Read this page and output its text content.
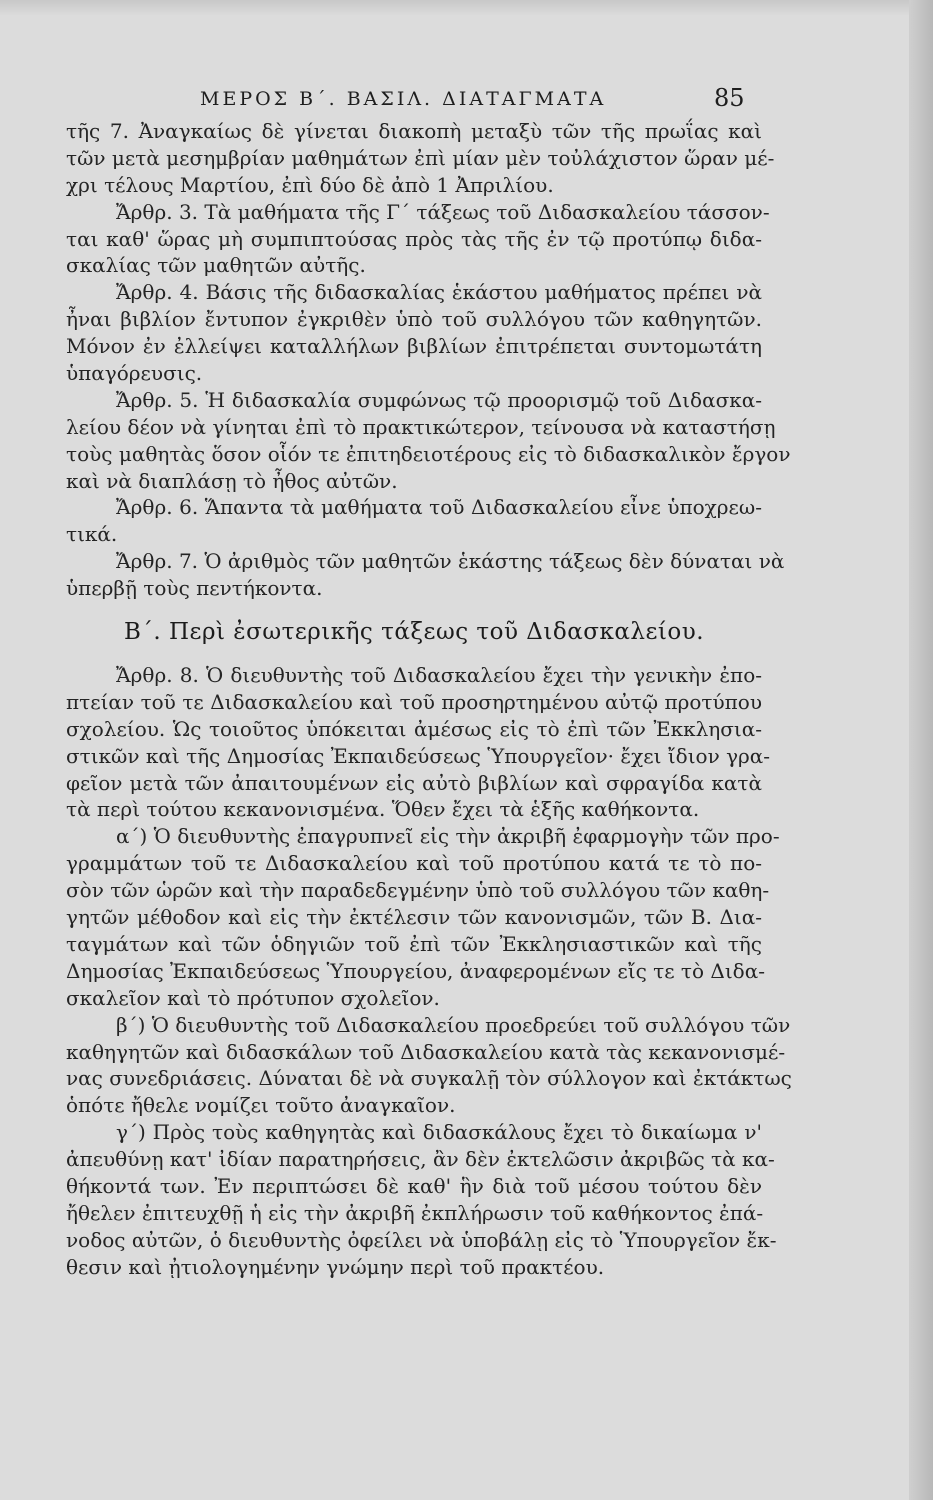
ΜΕΡΟΣ Β΄. ΒΑΣΙΛ. ΔΙΑΤΑΓΜΑΤΑ	85
τῆς 7. Ἀναγκαίως δὲ γίνεται διακοπὴ μεταξὺ τῶν τῆς πρωΐας καὶ
τῶν μετὰ μεσημβρίαν μαθημάτων ἐπὶ μίαν μὲν τοὐλάχιστον ὥραν μέ-
χρι τέλους Μαρτίου, ἐπὶ δύο δὲ ἀπὸ 1 Ἀπριλίου.
Ἄρθρ. 3. Τὰ μαθήματα τῆς Γ΄ τάξεως τοῦ Διδασκαλείου τάσσον-
ται καθ' ὥρας μὴ συμπιπτούσας πρὸς τὰς τῆς ἐν τῷ προτύπῳ διδα-
σκαλίας τῶν μαθητῶν αὐτῆς.
Ἄρθρ. 4. Βάσις τῆς διδασκαλίας ἑκάστου μαθήματος πρέπει νὰ
ἦναι βιβλίον ἔντυπον ἐγκριθὲν ὑπὸ τοῦ συλλόγου τῶν καθηγητῶν.
Μόνον ἐν ἐλλείψει καταλλήλων βιβλίων ἐπιτρέπεται συντομωτάτη
ὑπαγόρευσις.
Ἄρθρ. 5. Ἡ διδασκαλία συμφώνως τῷ προορισμῷ τοῦ Διδασκα-
λείου δέον νὰ γίνηται ἐπὶ τὸ πρακτικώτερον, τείνουσα νὰ καταστήσῃ
τοὺς μαθητὰς ὅσον οἷόν τε ἐπιτηδειοτέρους εἰς τὸ διδασκαλικὸν ἔργον
καὶ νὰ διαπλάσῃ τὸ ἦθος αὐτῶν.
Ἄρθρ. 6. Ἅπαντα τὰ μαθήματα τοῦ Διδασκαλείου εἶνε ὑποχρεω-
τικά.
Ἄρθρ. 7. Ὁ ἀριθμὸς τῶν μαθητῶν ἑκάστης τάξεως δὲν δύναται νὰ
ὑπερβῇ τοὺς πεντήκοντα.
Β΄. Περὶ ἐσωτερικῆς τάξεως τοῦ Διδασκαλείου.
Ἄρθρ. 8. Ὁ διευθυντὴς τοῦ Διδασκαλείου ἔχει τὴν γενικὴν ἐπο-
πτείαν τοῦ τε Διδασκαλείου καὶ τοῦ προσηρτημένου αὐτῷ προτύπου
σχολείου. Ὡς τοιοῦτος ὑπόκειται ἀμέσως εἰς τὸ ἐπὶ τῶν Ἐκκλησια-
στικῶν καὶ τῆς Δημοσίας Ἐκπαιδεύσεως Ὑπουργεῖον· ἔχει ἴδιον γρα-
φεῖον μετὰ τῶν ἀπαιτουμένων εἰς αὐτὸ βιβλίων καὶ σφραγίδα κατὰ
τὰ περὶ τούτου κεκανονισμένα. Ὅθεν ἔχει τὰ ἑξῆς καθήκοντα.
α΄) Ὁ διευθυντὴς ἐπαγρυπνεῖ εἰς τὴν ἀκριβῆ ἐφαρμογὴν τῶν προ-
γραμμάτων τοῦ τε Διδασκαλείου καὶ τοῦ προτύπου κατά τε τὸ πο-
σὸν τῶν ὡρῶν καὶ τὴν παραδεδεγμένην ὑπὸ τοῦ συλλόγου τῶν καθη-
γητῶν μέθοδον καὶ εἰς τὴν ἐκτέλεσιν τῶν κανονισμῶν, τῶν Β. Δια-
ταγμάτων καὶ τῶν ὁδηγιῶν τοῦ ἐπὶ τῶν Ἐκκλησιαστικῶν καὶ τῆς
Δημοσίας Ἐκπαιδεύσεως Ὑπουργείου, ἀναφερομένων εἴς τε τὸ Διδα-
σκαλεῖον καὶ τὸ πρότυπον σχολεῖον.
β΄) Ὁ διευθυντὴς τοῦ Διδασκαλείου προεδρεύει τοῦ συλλόγου τῶν
καθηγητῶν καὶ διδασκάλων τοῦ Διδασκαλείου κατὰ τὰς κεκανονισμέ-
νας συνεδριάσεις. Δύναται δὲ νὰ συγκαλῇ τὸν σύλλογον καὶ ἐκτάκτως
ὁπότε ἤθελε νομίζει τοῦτο ἀναγκαῖον.
γ΄) Πρὸς τοὺς καθηγητὰς καὶ διδασκάλους ἔχει τὸ δικαίωμα ν'
ἀπευθύνῃ κατ' ἰδίαν παρατηρήσεις, ἂν δὲν ἐκτελῶσιν ἀκριβῶς τὰ κα-
θήκοντά των. Ἐν περιπτώσει δὲ καθ' ἣν διὰ τοῦ μέσου τούτου δὲν
ἤθελεν ἐπιτευχθῇ ἡ εἰς τὴν ἀκριβῆ ἐκπλήρωσιν τοῦ καθήκοντος ἐπά-
νοδος αὐτῶν, ὁ διευθυντὴς ὀφείλει νὰ ὑποβάλῃ εἰς τὸ Ὑπουργεῖον ἔκ-
θεσιν καὶ ᾐτιολογημένην γνώμην περὶ τοῦ πρακτέου.
